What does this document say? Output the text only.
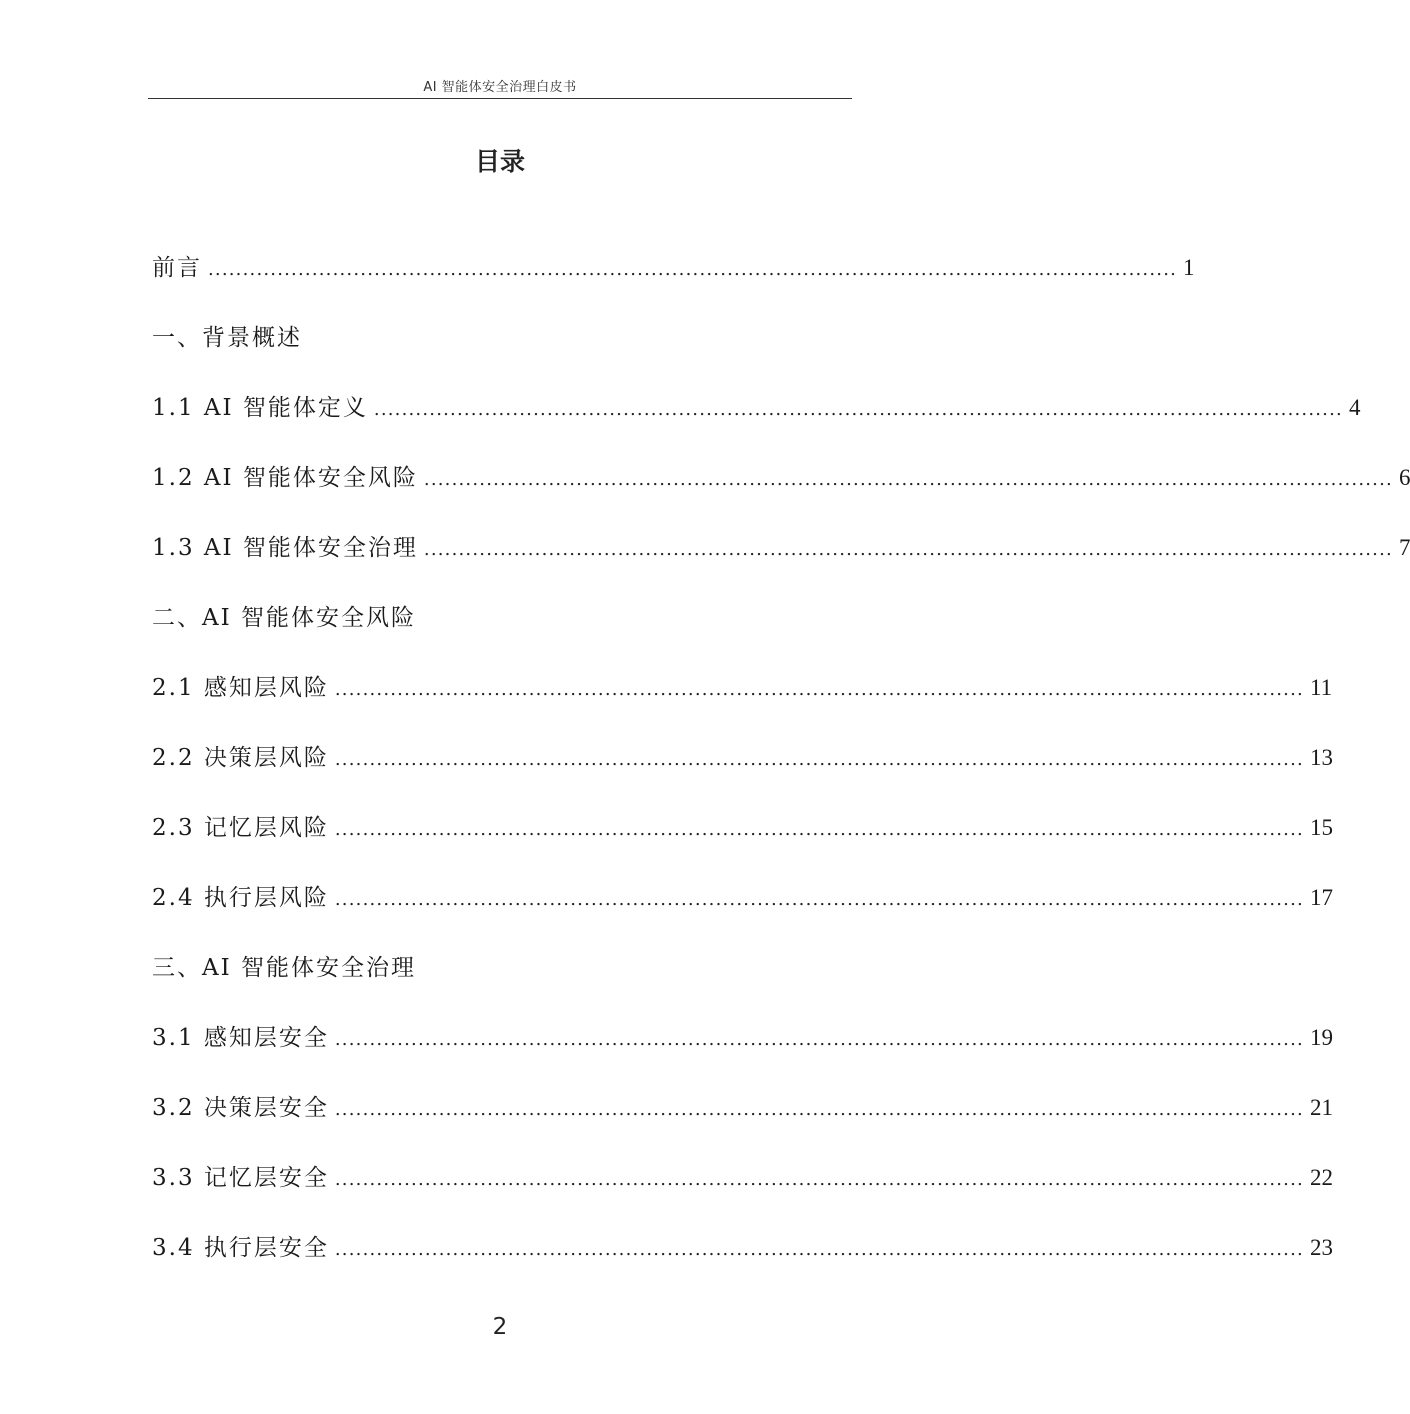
AI 智能体安全治理白皮书
目录
前言 ............................................................................................................................................ 1
一、背景概述
1.1 AI 智能体定义 ............................................................................................................................................ 4
1.2 AI 智能体安全风险 ............................................................................................................................................ 6
1.3 AI 智能体安全治理 ............................................................................................................................................ 7
二、AI 智能体安全风险
2.1 感知层风险 ............................................................................................................................................ 11
2.2 决策层风险 ............................................................................................................................................ 13
2.3 记忆层风险 ............................................................................................................................................ 15
2.4 执行层风险 ............................................................................................................................................ 17
三、AI 智能体安全治理
3.1 感知层安全 ............................................................................................................................................ 19
3.2 决策层安全 ............................................................................................................................................ 21
3.3 记忆层安全 ............................................................................................................................................ 22
3.4 执行层安全 ............................................................................................................................................ 23
2
